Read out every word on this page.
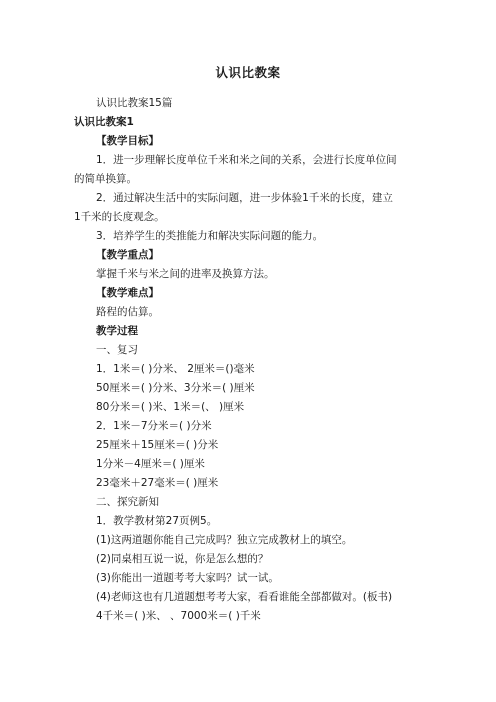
认识比教案
认识比教案15篇
认识比教案1
【教学目标】
1．进一步理解长度单位千米和米之间的关系，会进行长度单位间
的简单换算。
2．通过解决生活中的实际问题，进一步体验1千米的长度，建立
1千米的长度观念。
3．培养学生的类推能力和解决实际问题的能力。
【教学重点】
掌握千米与米之间的进率及换算方法。
【教学难点】
路程的估算。
教学过程
一、复习
1．1米＝( )分米、 2厘米＝()毫米
50厘米＝( )分米、3分米＝( )厘米
80分米＝( )米、1米＝(、 )厘米
2．1米－7分米＝( )分米
25厘米＋15厘米＝( )分米
1分米－4厘米＝( )厘米
23毫米＋27毫米＝( )厘米
二、探究新知
1．教学教材第27页例5。
(1)这两道题你能自己完成吗？独立完成教材上的填空。
(2)同桌相互说一说，你是怎么想的？
(3)你能出一道题考考大家吗？试一试。
(4)老师这也有几道题想考考大家，看看谁能全部都做对。(板书)
4千米＝( )米、 、7000米＝( )千米
